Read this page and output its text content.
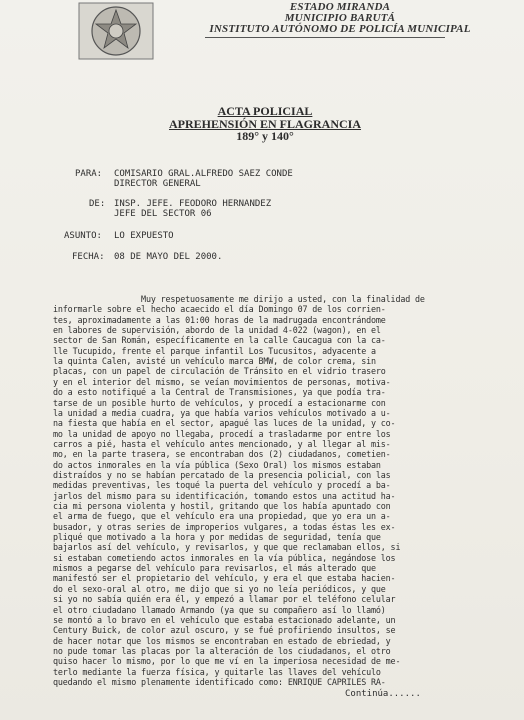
ESTADO MIRANDA
MUNICIPIO BARUTÁ
INSTITUTO AUTÓNOMO DE POLICÍA MUNICIPAL
ACTA POLICIAL
APREHENSIÓN EN FLAGRANCIA
189° y 140°
PARA: COMISARIO GRAL.ALFREDO SAEZ CONDE
DIRECTOR GENERAL
DE: INSP. JEFE. FEODORO HERNANDEZ
JEFE DEL SECTOR 06
ASUNTO: LO EXPUESTO
FECHA: 08 DE MAYO DEL 2000.
Muy respetuosamente me dirijo a usted, con la finalidad de
informarle sobre el hecho acaecido el día Domingo 07 de los corrien-
tes, aproximadamente a las 01:00 horas de la madrugada encontrándome
en labores de supervisión, abordo de la unidad 4-022 (wagon), en el
sector de San Román, específicamente en la calle Caucagua con la ca-
lle Tucupido, frente el parque infantil Los Tucusitos, adyacente a
la quinta Calen, avisté un vehículo marca BMW, de color crema, sin
placas, con un papel de circulación de Tránsito en el vidrio trasero
y en el interior del mismo, se veían movimientos de personas, motiva-
do a esto notifiqué a la Central de Transmisiones, ya que podía tra-
tarse de un posible hurto de vehículos, y procedí a estacionarme con
la unidad a media cuadra, ya que había varios vehículos motivado a u-
na fiesta que había en el sector, apagué las luces de la unidad, y co-
mo la unidad de apoyo no llegaba, procedí a trasladarme por entre los
carros a pié, hasta el vehículo antes mencionado, y al llegar al mis-
mo, en la parte trasera, se encontraban dos (2) ciudadanos, cometien-
do actos inmorales en la vía pública (Sexo Oral) los mismos estaban
distraídos y no se habían percatado de la presencia policial, con las
medidas preventivas, les toqué la puerta del vehículo y procedí a ba-
jarlos del mismo para su identificación, tomando estos una actitud ha-
cia mi persona violenta y hostil, gritando que los había apuntado con
el arma de fuego, que el vehículo era una propiedad, que yo era un a-
busador, y otras series de improperios vulgares, a todas éstas les ex-
pliqué que motivado a la hora y por medidas de seguridad, tenía que
bajarlos así del vehículo, y revisarlos, y que que reclamaban ellos, si
si estaban cometiendo actos inmorales en la vía pública, negándose los
mismos a pegarse del vehículo para revisarlos, el más alterado que
manifestó ser el propietario del vehículo, y era el que estaba hacien-
do el sexo-oral al otro, me dijo que si yo no leía periódicos, y que
si yo no sabía quién era él, y empezó a llamar por el teléfono celular
el otro ciudadano llamado Armando (ya que su compañero así lo llamó)
se montó a lo bravo en el vehículo que estaba estacionado adelante, un
Century Buick, de color azul oscuro, y se fué profiriendo insultos, se
de hacer notar que los mismos se encontraban en estado de ebriedad, y
no pude tomar las placas por la alteración de los ciudadanos, el otro
quiso hacer lo mismo, por lo que me ví en la imperiosa necesidad de me-
terlo mediante la fuerza física, y quitarle las llaves del vehículo
quedando el mismo plenamente identificado como: ENRIQUE CAPRILES RA-
Continúa......
